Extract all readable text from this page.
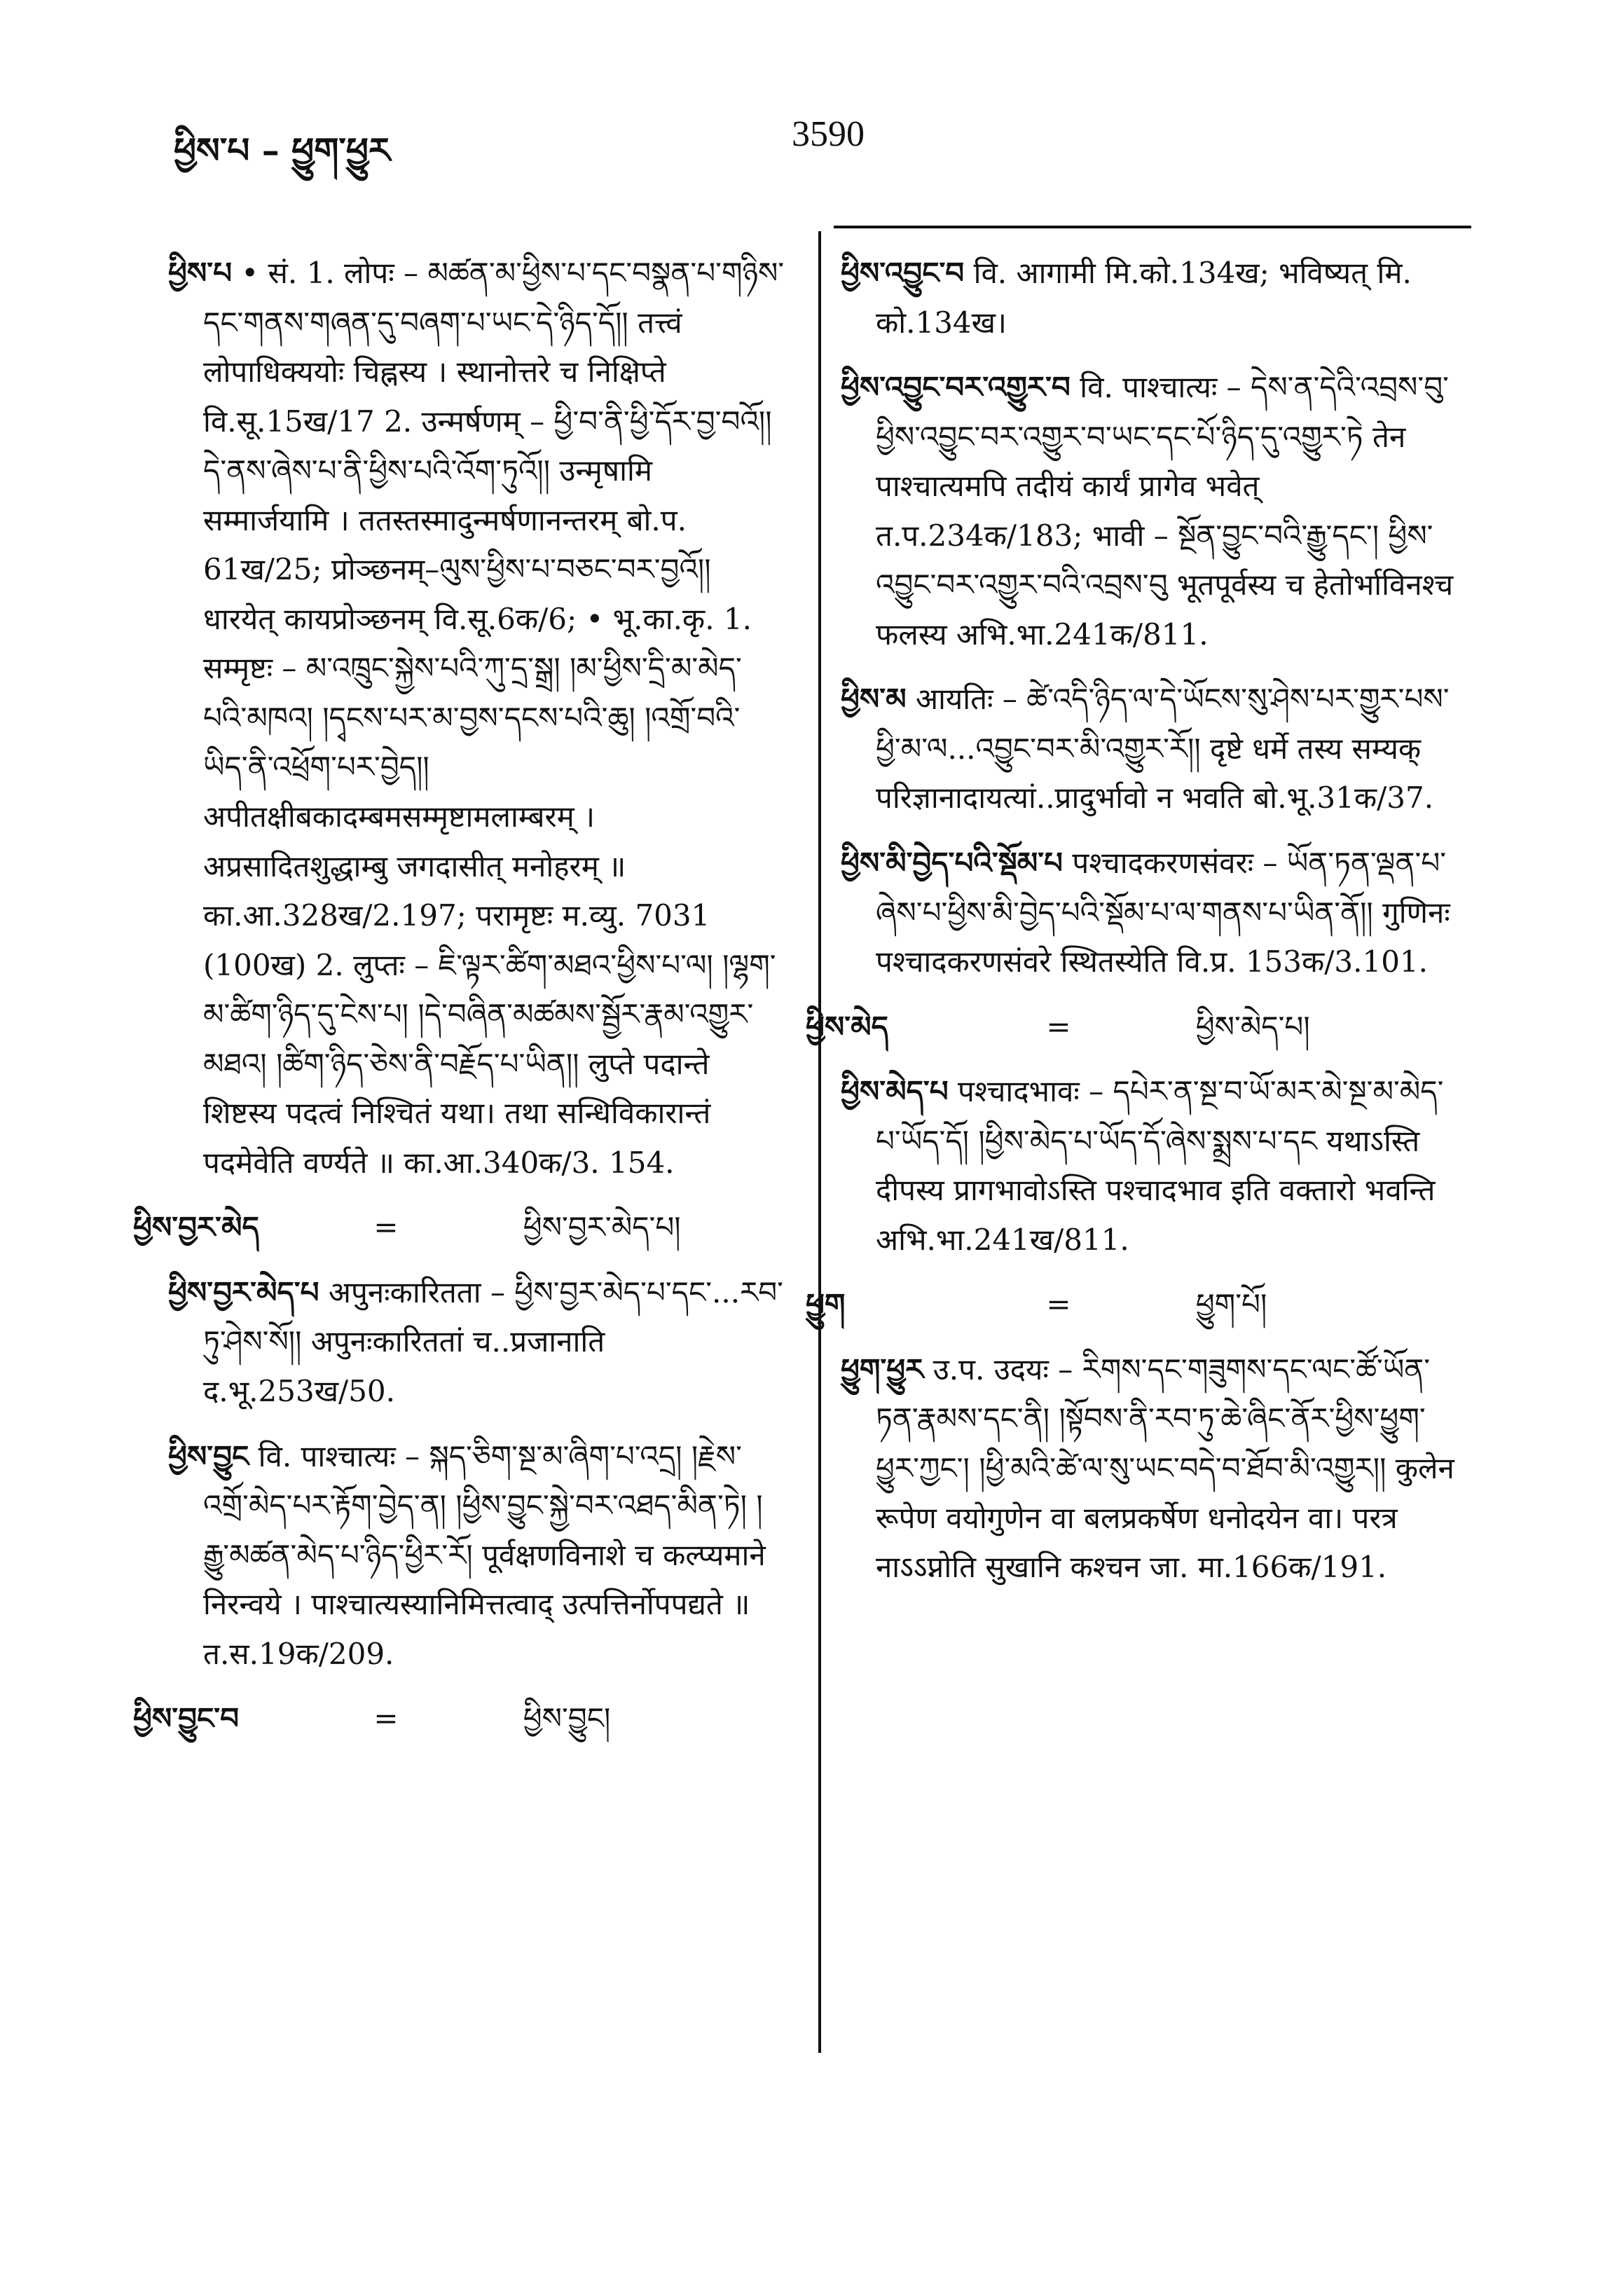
ཕྱིས་པ – ཕྱུག་ཕྱུར	3590

ཕྱིས་པ • सं. 1. लोपः – མཚན་མ་ཕྱིས་པ་དང་བསྣན་པ་གཉིས་དང་གནས་གཞན་དུ་བཞག་པ་ཡང་དེ་ཉིད་དོ།། तत्त्वं लोपाधिक्ययोः चिह्नस्य । स्थानोत्तरे च निक्षिप्ते वि.सू.15ख/17 2. उन्मर्षणम् – ཕྱི་བ་ནི་ཕྱི་དོར་བྱ་བའོ།། དེ་ནས་ཞེས་པ་ནི་ཕྱིས་པའི་འོག་ཏུའོ།། उन्मृषामि सम्मार्जयामि । ततस्तस्मादुन्मर्षणानन्तरम् बो.प. 61ख/25; प्रोञ्छनम्–ལུས་ཕྱིས་པ་བཅང་བར་བྱའོ།། धारयेत् कायप्रोञ्छनम् वि.सू.6क/6; • भू.का.कृ. 1. सम्मृष्टः – མ་འཁྲུང་སྐྱེས་པའི་ཀུ་དྲ་སྒྲ། །མ་ཕྱིས་དྲི་མ་མེད་པའི་མཁའ། །དྭངས་པར་མ་བྱས་དངས་པའི་ཆུ། །འགྲོ་བའི་ཡིད་ནི་འཕྲོག་པར་བྱེད།། अपीतक्षीबकादम्बमसम्मृष्टामलाम्बरम् । अप्रसादितशुद्धाम्बु जगदासीत् मनोहरम् ॥ का.आ.328ख/2.197; परामृष्टः म.व्यु. 7031 (100ख) 2. लुप्तः – ཇི་ལྟར་ཚིག་མཐའ་ཕྱིས་པ་ལ། །ལྷག་མ་ཚིག་ཉིད་དུ་ངེས་པ། །དེ་བཞིན་མཚམས་སྦྱོར་རྣམ་འགྱུར་མཐའ། །ཚིག་ཉིད་ཅེས་ནི་བརྗོད་པ་ཡིན།། लुप्ते पदान्ते शिष्टस्य पदत्वं निश्चितं यथा। तथा सन्धिविकारान्तं पदमेवेति वर्ण्यते ॥ का.आ.340क/3. 154.

ཕྱིས་བྱར་མེད	=	ཕྱིས་བྱར་མེད་པ།

ཕྱིས་བྱར་མེད་པ अपुनःकारितता – ཕྱིས་བྱར་མེད་པ་དང་...རབ་ཏུ་ཤེས་སོ།། अपुनःकारिततां च..प्रजानाति द.भू.253ख/50.

ཕྱིས་བྱུང वि. पाश्चात्यः – སྐད་ཅིག་སྔ་མ་ཞིག་པ་འདྲ། །རྗེས་འགྲོ་མེད་པར་རྟོག་བྱེད་ན། །ཕྱིས་བྱུང་སྐྱེ་བར་འཐད་མིན་ཏེ། །རྒྱུ་མཚན་མེད་པ་ཉིད་ཕྱིར་རོ། पूर्वक्षणविनाशे च कल्प्यमाने निरन्वये । पाश्चात्यस्यानिमित्तत्वाद् उत्पत्तिर्नोपपद्यते ॥ त.स.19क/209.

ཕྱིས་བྱུང་བ	=	ཕྱིས་བྱུང།

ཕྱིས་འབྱུང་བ वि. आगामी मि.को.134ख; भविष्यत् मि. को.134ख।

ཕྱིས་འབྱུང་བར་འགྱུར་བ वि. पाश्चात्यः – དེས་ན་དེའི་འབྲས་བུ་ཕྱིས་འབྱུང་བར་འགྱུར་བ་ཡང་དང་པོ་ཉིད་དུ་འགྱུར་ཏེ तेन पाश्चात्यमपि तदीयं कार्यं प्रागेव भवेत् त.प.234क/183; भावी – སྔོན་བྱུང་བའི་རྒྱུ་དང་། ཕྱིས་འབྱུང་བར་འགྱུར་བའི་འབྲས་བུ भूतपूर्वस्य च हेतोर्भाविनश्च फलस्य अभि.भा.241क/811.

ཕྱིས་མ आयतिः – ཚེ་འདི་ཉིད་ལ་དེ་ཡོངས་སུ་ཤེས་པར་གྱུར་པས་ཕྱི་མ་ལ...འབྱུང་བར་མི་འགྱུར་རོ།། दृष्टे धर्मे तस्य सम्यक् परिज्ञानादायत्यां..प्रादुर्भावो न भवति बो.भू.31क/37.

ཕྱིས་མི་བྱེད་པའི་སྡོམ་པ पश्चादकरणसंवरः – ཡོན་ཏན་ལྡན་པ་ཞེས་པ་ཕྱིས་མི་བྱེད་པའི་སྡོམ་པ་ལ་གནས་པ་ཡིན་ནོ།། गुणिनः पश्चादकरणसंवरे स्थितस्येति वि.प्र. 153क/3.101.

ཕྱིས་མེད	=	ཕྱིས་མེད་པ།

ཕྱིས་མེད་པ पश्चादभावः – དཔེར་ན་སྔ་བ་ཡོ་མར་མེ་སྔ་མ་མེད་པ་ཡོད་དོ། །ཕྱིས་མེད་པ་ཡོད་དོ་ཞེས་སྨྲས་པ་དང यथाऽस्ति दीपस्य प्रागभावोऽस्ति पश्चादभाव इति वक्तारो भवन्ति अभि.भा.241ख/811.

ཕྱུག	=	ཕྱུག་པོ།

ཕྱུག་ཕྱུར उ.प. उदयः – རིགས་དང་གཟུགས་དང་ལང་ཚོ་ཡོན་ཏན་རྣམས་དང་ནི། །སྟོབས་ནི་རབ་ཏུ་ཆེ་ཞིང་ནོར་ཕྱིས་ཕྱུག་ཕྱུར་ཀྱང་། །ཕྱི་མའི་ཚེ་ལ་སུ་ཡང་བདེ་བ་ཐོབ་མི་འགྱུར།། कुलेन रूपेण वयोगुणेन वा बलप्रकर्षेण धनोदयेन वा। परत्र नाऽऽप्नोति सुखानि कश्चन जा. मा.166क/191.
